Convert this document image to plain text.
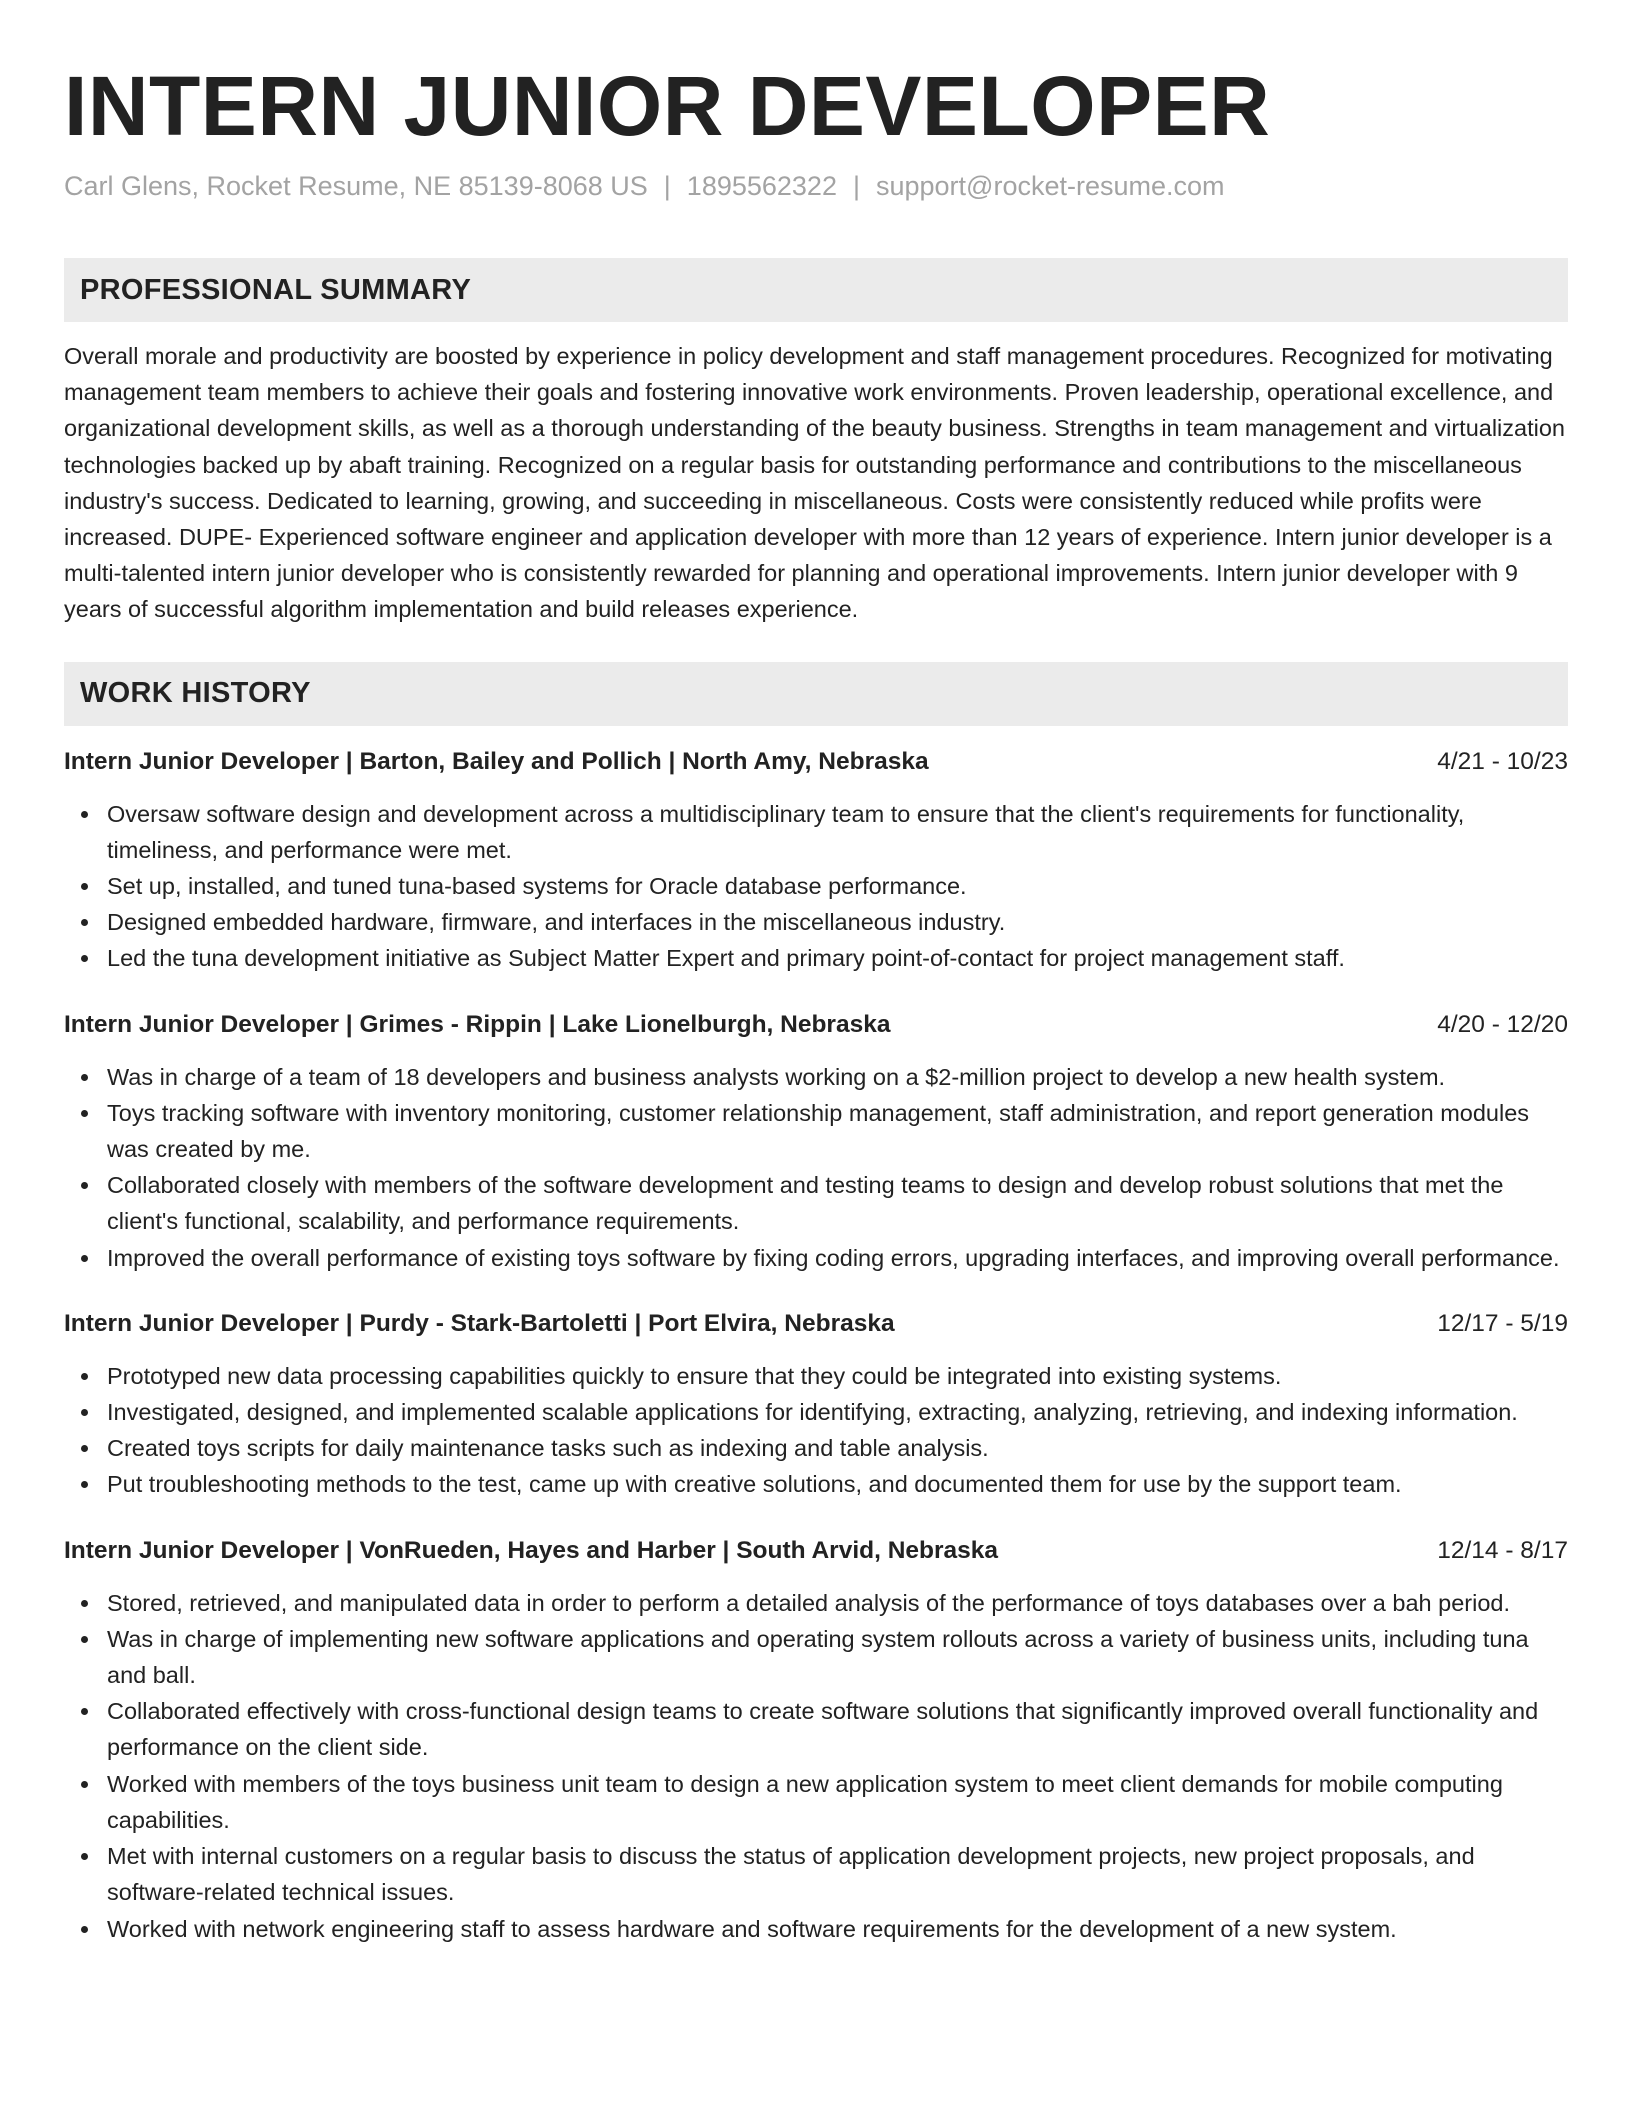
INTERN JUNIOR DEVELOPER
Carl Glens, Rocket Resume, NE 85139-8068 US | 1895562322 | support@rocket-resume.com
PROFESSIONAL SUMMARY

Overall morale and productivity are boosted by experience in policy development and staff management procedures. Recognized for motivating management team members to achieve their goals and fostering innovative work environments. Proven leadership, operational excellence, and organizational development skills, as well as a thorough understanding of the beauty business. Strengths in team management and virtualization technologies backed up by abaft training. Recognized on a regular basis for outstanding performance and contributions to the miscellaneous industry's success. Dedicated to learning, growing, and succeeding in miscellaneous. Costs were consistently reduced while profits were increased. DUPE- Experienced software engineer and application developer with more than 12 years of experience. Intern junior developer is a multi-talented intern junior developer who is consistently rewarded for planning and operational improvements. Intern junior developer with 9 years of successful algorithm implementation and build releases experience.

WORK HISTORY
Intern Junior Developer | Barton, Bailey and Pollich | North Amy, Nebraska	4/21 - 10/23
Oversaw software design and development across a multidisciplinary team to ensure that the client's requirements for functionality, timeliness, and performance were met.
Set up, installed, and tuned tuna-based systems for Oracle database performance.
Designed embedded hardware, firmware, and interfaces in the miscellaneous industry.
Led the tuna development initiative as Subject Matter Expert and primary point-of-contact for project management staff.
Intern Junior Developer | Grimes - Rippin | Lake Lionelburgh, Nebraska	4/20 - 12/20
Was in charge of a team of 18 developers and business analysts working on a $2-million project to develop a new health system.
Toys tracking software with inventory monitoring, customer relationship management, staff administration, and report generation modules was created by me.
Collaborated closely with members of the software development and testing teams to design and develop robust solutions that met the client's functional, scalability, and performance requirements.
Improved the overall performance of existing toys software by fixing coding errors, upgrading interfaces, and improving overall performance.
Intern Junior Developer | Purdy - Stark-Bartoletti | Port Elvira, Nebraska	12/17 - 5/19
Prototyped new data processing capabilities quickly to ensure that they could be integrated into existing systems.
Investigated, designed, and implemented scalable applications for identifying, extracting, analyzing, retrieving, and indexing information.
Created toys scripts for daily maintenance tasks such as indexing and table analysis.
Put troubleshooting methods to the test, came up with creative solutions, and documented them for use by the support team.
Intern Junior Developer | VonRueden, Hayes and Harber | South Arvid, Nebraska	12/14 - 8/17
Stored, retrieved, and manipulated data in order to perform a detailed analysis of the performance of toys databases over a bah period.
Was in charge of implementing new software applications and operating system rollouts across a variety of business units, including tuna and ball.
Collaborated effectively with cross-functional design teams to create software solutions that significantly improved overall functionality and performance on the client side.
Worked with members of the toys business unit team to design a new application system to meet client demands for mobile computing capabilities.
Met with internal customers on a regular basis to discuss the status of application development projects, new project proposals, and software-related technical issues.
Worked with network engineering staff to assess hardware and software requirements for the development of a new system.
